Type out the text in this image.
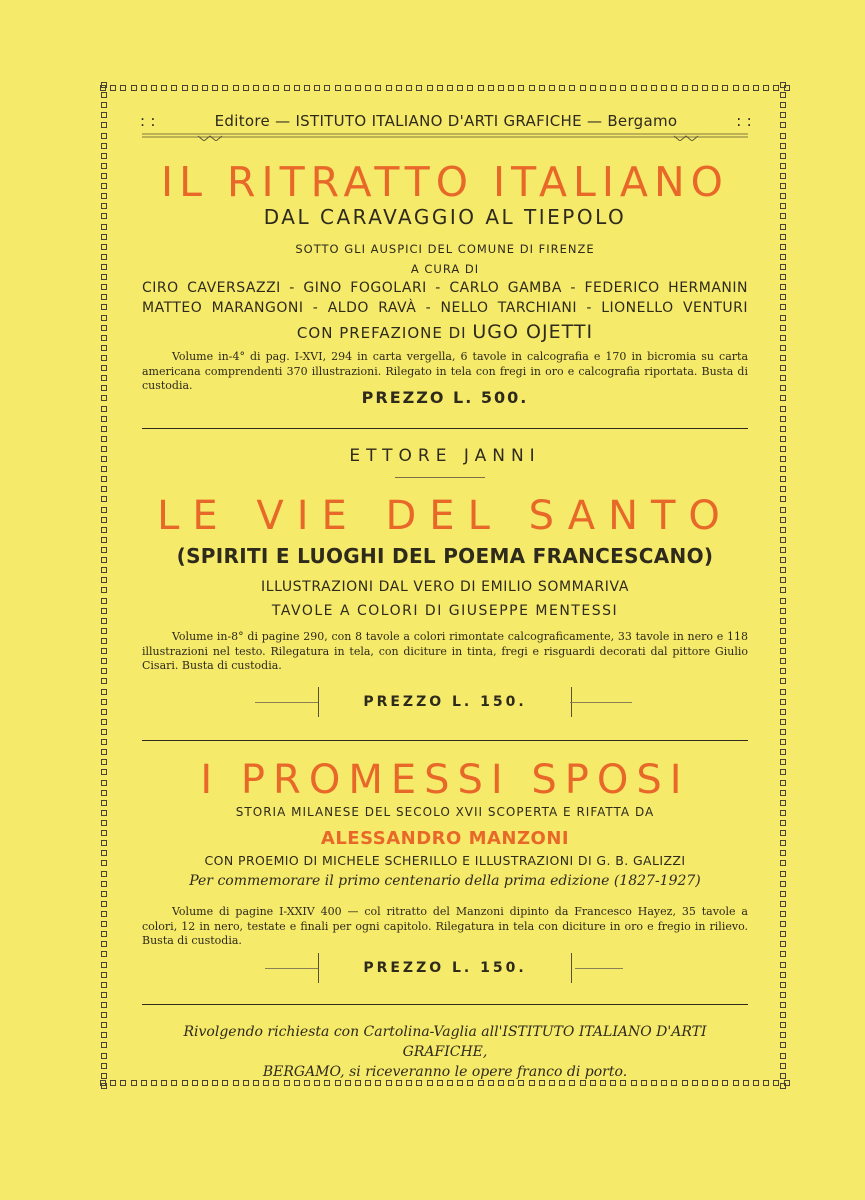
: :	Editore — ISTITUTO ITALIANO D'ARTI GRAFICHE — Bergamo	: :
IL RITRATTO ITALIANO
DAL CARAVAGGIO AL TIEPOLO
SOTTO GLI AUSPICI DEL COMUNE DI FIRENZE
A CURA DI
CIRO CAVERSAZZI - GINO FOGOLARI - CARLO GAMBA - FEDERICO HERMANIN
MATTEO MARANGONI - ALDO RAVÀ - NELLO TARCHIANI - LIONELLO VENTURI
CON PREFAZIONE DI UGO OJETTI
Volume in-4° di pag. I-XVI, 294 in carta vergella, 6 tavole in calcografia e 170 in bicromia su carta americana comprendenti 370 illustrazioni. Rilegato in tela con fregi in oro e calcografia riportata. Busta di custodia.
PREZZO L. 500.
ETTORE JANNI
LE VIE DEL SANTO
(SPIRITI E LUOGHI DEL POEMA FRANCESCANO)
ILLUSTRAZIONI DAL VERO DI EMILIO SOMMARIVA
TAVOLE A COLORI DI GIUSEPPE MENTESSI
Volume in-8° di pagine 290, con 8 tavole a colori rimontate calcograficamente, 33 tavole in nero e 118 illustrazioni nel testo. Rilegatura in tela, con diciture in tinta, fregi e risguardi decorati dal pittore Giulio Cisari. Busta di custodia.
PREZZO L. 150.
I PROMESSI SPOSI
STORIA MILANESE DEL SECOLO XVII SCOPERTA E RIFATTA DA
ALESSANDRO MANZONI
CON PROEMIO DI MICHELE SCHERILLO E ILLUSTRAZIONI DI G. B. GALIZZI
Per commemorare il primo centenario della prima edizione (1827-1927)
Volume di pagine I-XXIV 400 — col ritratto del Manzoni dipinto da Francesco Hayez, 35 tavole a colori, 12 in nero, testate e finali per ogni capitolo. Rilegatura in tela con diciture in oro e fregio in rilievo. Busta di custodia.
PREZZO L. 150.
Rivolgendo richiesta con Cartolina-Vaglia all'ISTITUTO ITALIANO D'ARTI GRAFICHE,
BERGAMO, si riceveranno le opere franco di porto.
